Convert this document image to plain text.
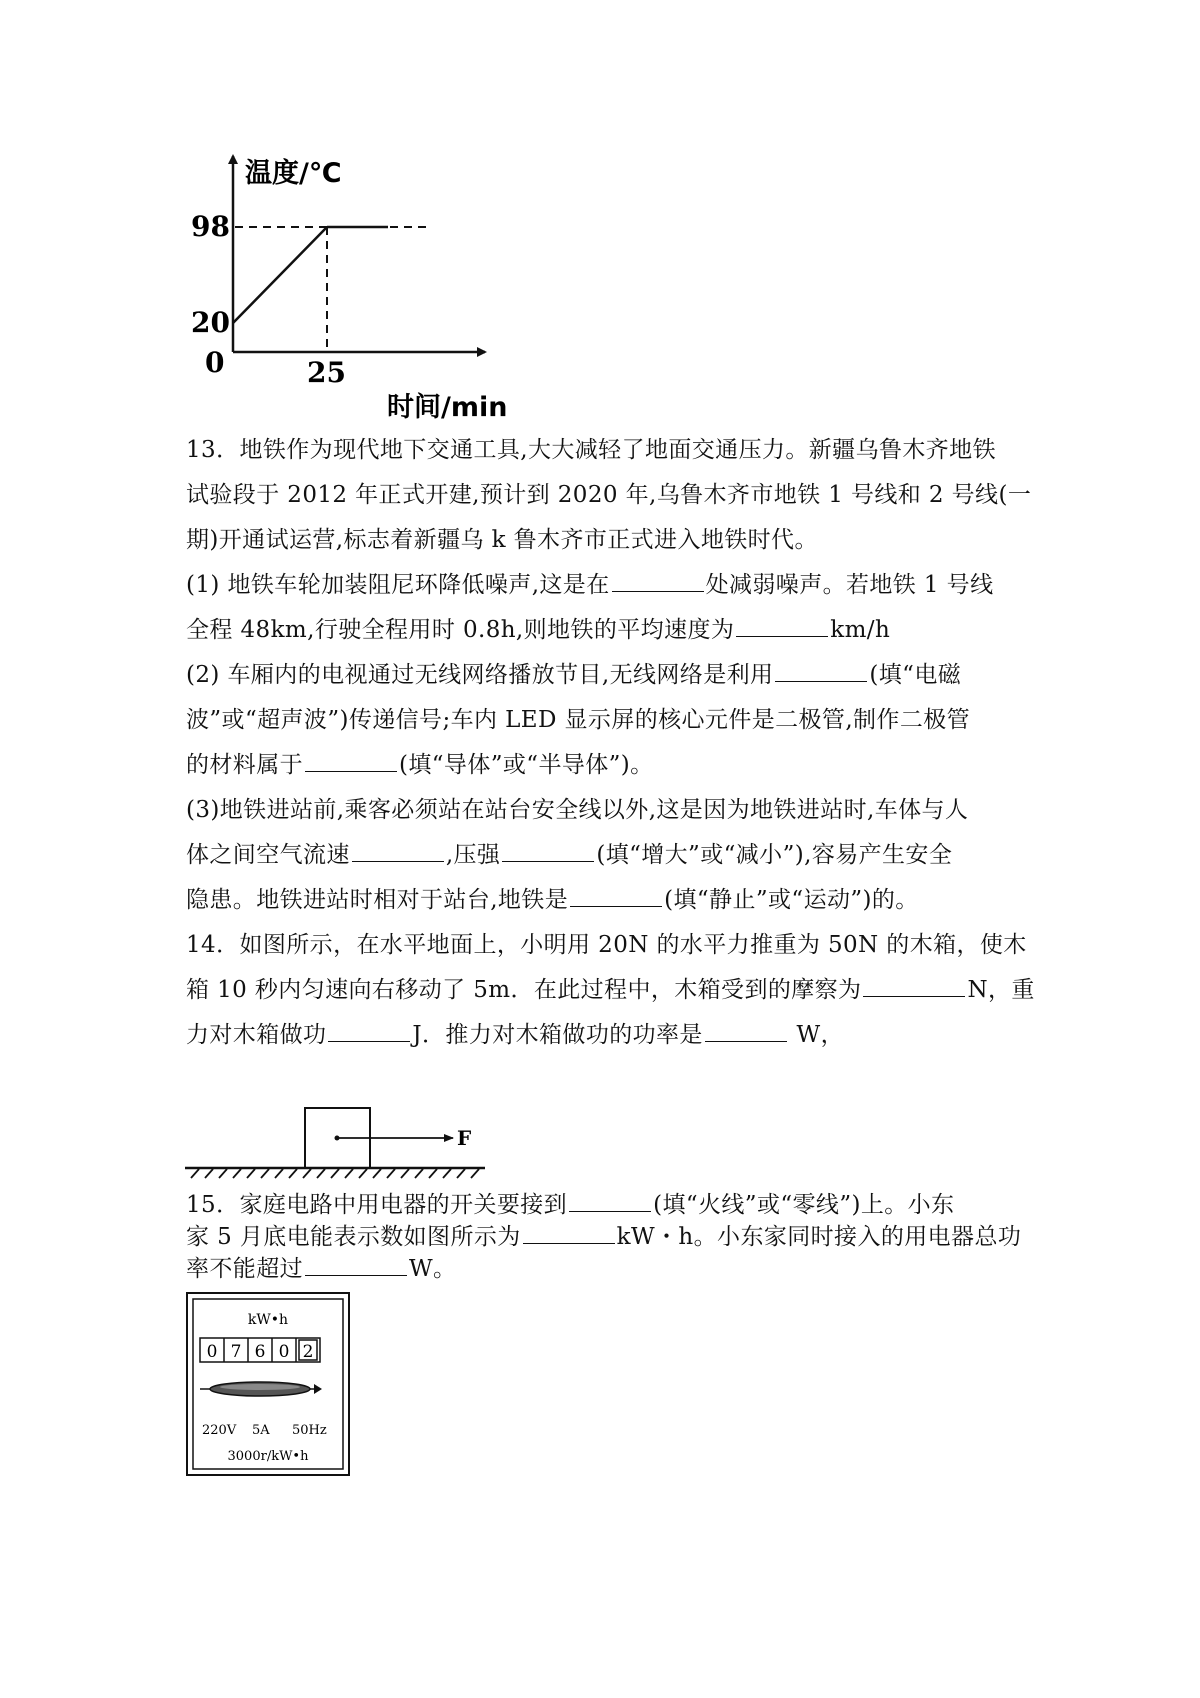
温度/℃
98
20
0	25
时间/min
13．地铁作为现代地下交通工具,大大减轻了地面交通压力。新疆乌鲁木齐地铁
试验段于 2012 年正式开建,预计到 2020 年,乌鲁木齐市地铁 1 号线和 2 号线(一
期)开通试运营,标志着新疆乌 k 鲁木齐市正式进入地铁时代。
(1) 地铁车轮加装阻尼环降低噪声,这是在	处减弱噪声。若地铁 1 号线
全程 48km,行驶全程用时 0.8h,则地铁的平均速度为	km/h
(2) 车厢内的电视通过无线网络播放节目,无线网络是利用	(填“电磁
波”或“超声波”)传递信号;车内 LED 显示屏的核心元件是二极管,制作二极管
的材料属于	(填“导体”或“半导体”)。
(3)地铁进站前,乘客必须站在站台安全线以外,这是因为地铁进站时,车体与人
体之间空气流速	,压强	(填“增大”或“减小”),容易产生安全
隐患。地铁进站时相对于站台,地铁是	(填“静止”或“运动”)的。
14．如图所示，在水平地面上，小明用 20N 的水平力推重为 50N 的木箱，使木
箱 10 秒内匀速向右移动了 5m．在此过程中，木箱受到的摩察为	N，重
力对木箱做功	J．推力对木箱做功的功率是	W，
F
15．家庭电路中用电器的开关要接到	(填“火线”或“零线”)上。小东
家 5 月底电能表示数如图所示为	kW・h。小东家同时接入的用电器总功
率不能超过	W。
kW•h
0 7 6 0 2
220V 5A 50Hz
3000r/kW•h
